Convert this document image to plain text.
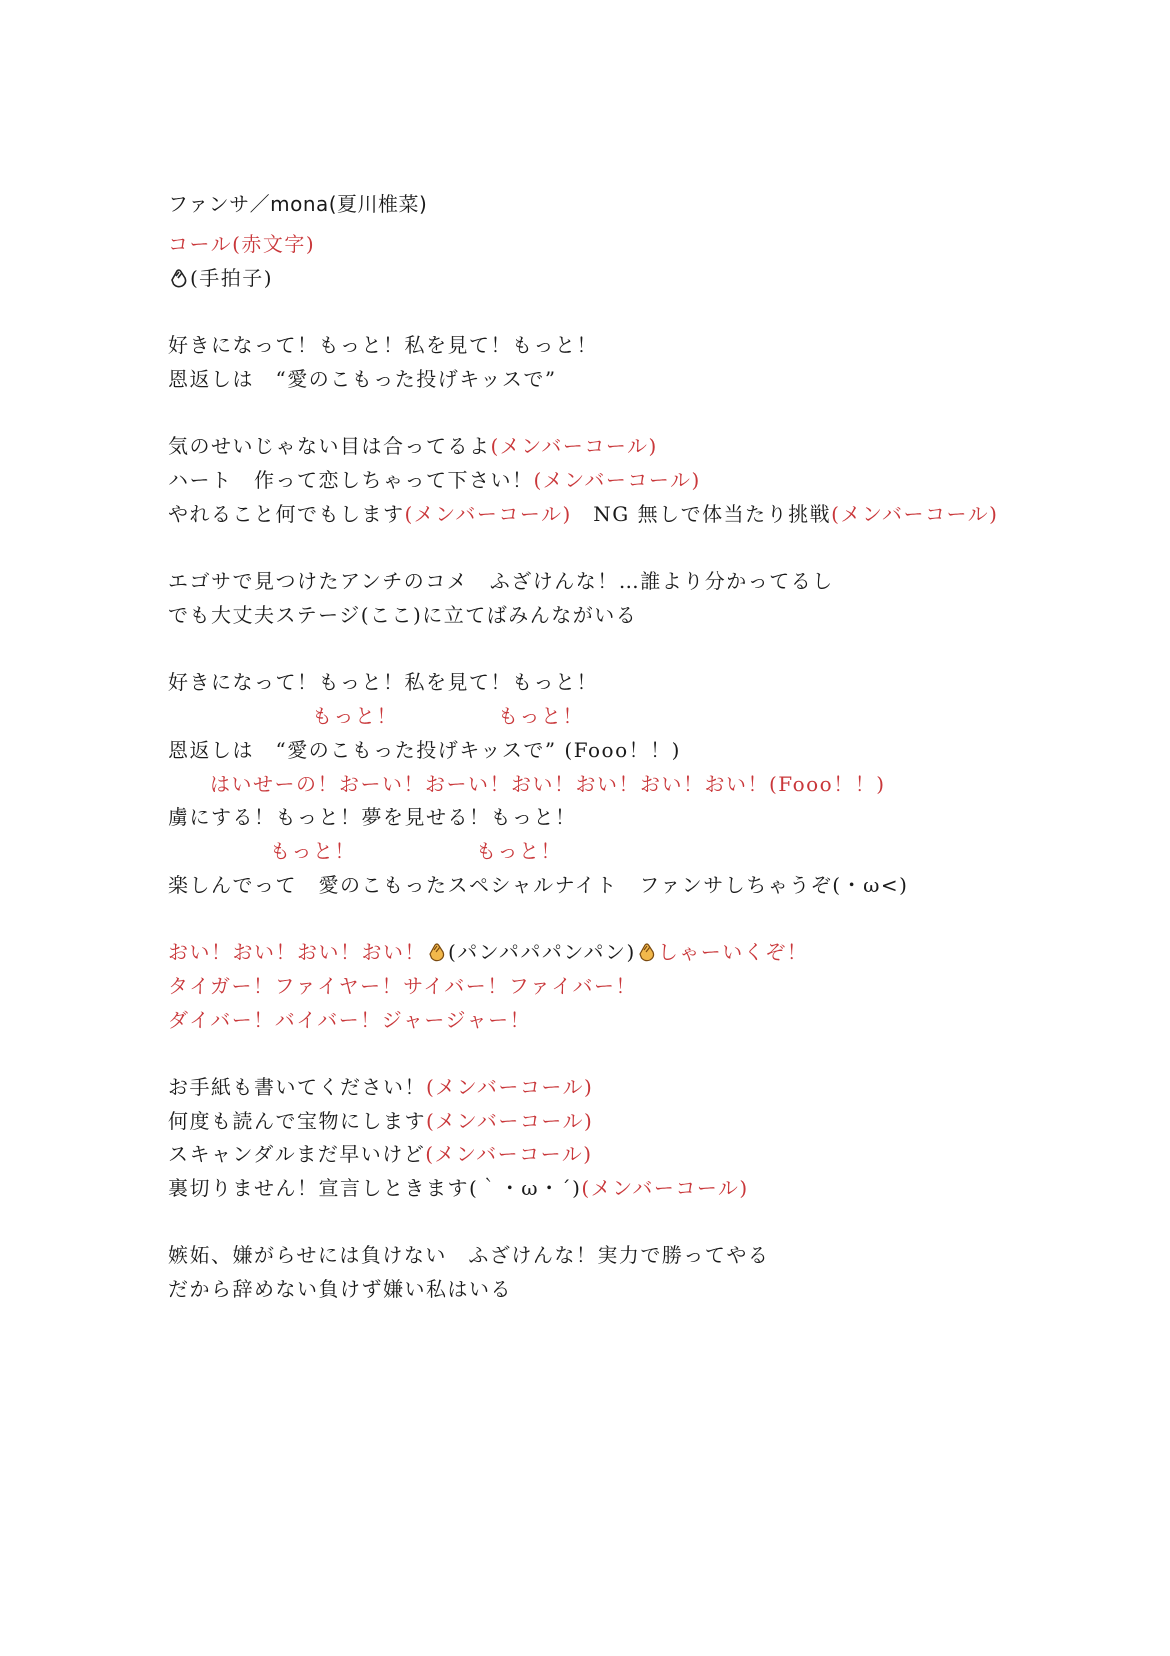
ファンサ／mona(夏川椎菜)
コール(赤文字)
(手拍子)
好きになって！もっと！私を見て！もっと！
恩返しは　“愛のこもった投げキッスで”
気のせいじゃない目は合ってるよ(メンバーコール)
ハート　作って恋しちゃって下さい！(メンバーコール)
やれること何でもします(メンバーコール)　NG 無しで体当たり挑戦(メンバーコール)
エゴサで見つけたアンチのコメ　ふざけんな！…誰より分かってるし
でも大丈夫ステージ(ここ)に立てばみんながいる
好きになって！もっと！私を見て！もっと！
もっと！	もっと！
恩返しは　“愛のこもった投げキッスで” (Fooo！！)
はいせーの！おーい！おーい！おい！おい！おい！おい！(Fooo！！)
虜にする！もっと！夢を見せる！もっと！
もっと！	もっと！
楽しんでって　愛のこもったスペシャルナイト　ファンサしちゃうぞ(・ω<)
おい！おい！おい！おい！ (パンパパパンパン) しゃーいくぞ！
タイガー！ファイヤー！サイバー！ファイバー！
ダイバー！バイバー！ジャージャー！
お手紙も書いてください！(メンバーコール)
何度も読んで宝物にします(メンバーコール)
スキャンダルまだ早いけど(メンバーコール)
裏切りません！宣言しときます(｀・ω・´)(メンバーコール)
嫉妬、嫌がらせには負けない　ふざけんな！実力で勝ってやる
だから辞めない負けず嫌い私はいる
